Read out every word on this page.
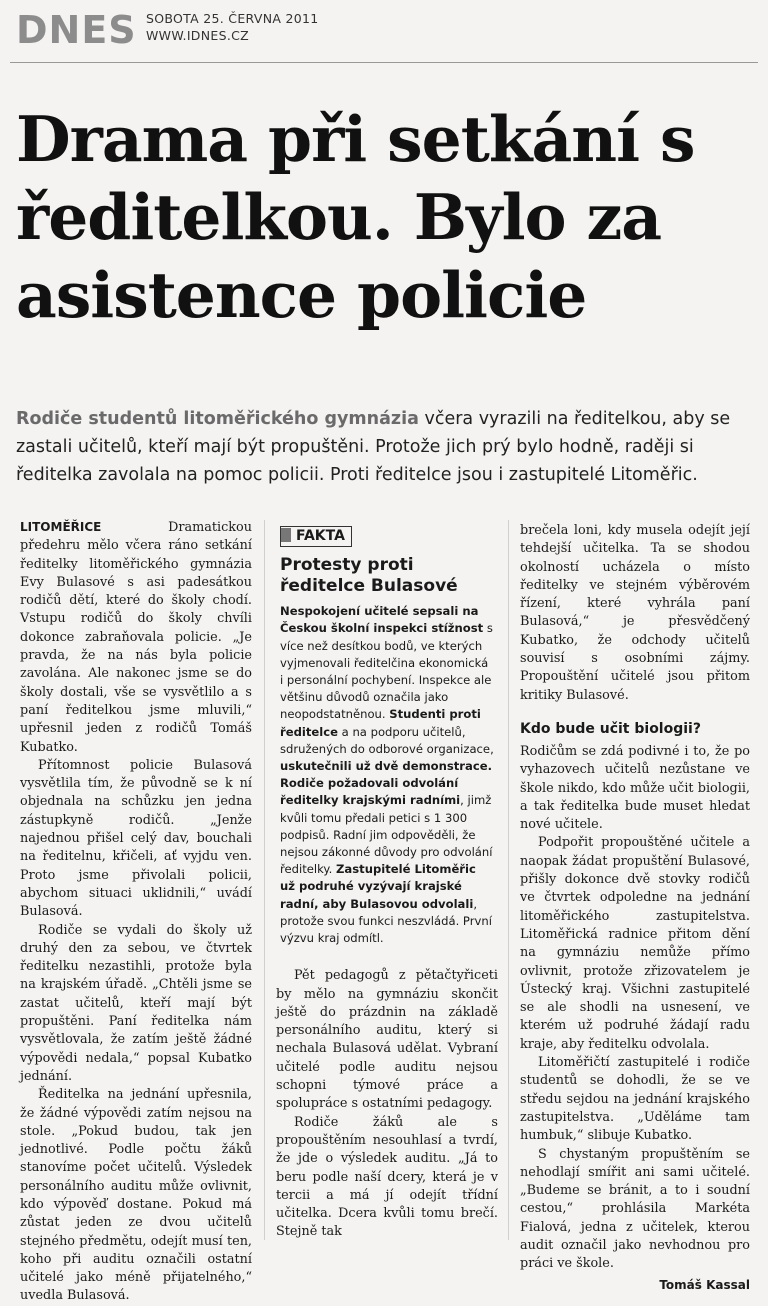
DNES SOBOTA 25. ČERVNA 2011
WWW.IDNES.CZ
Drama při setkání s ředitelkou. Bylo za asistence policie
Rodiče studentů litoměřického gymnázia včera vyrazili na ředitelkou, aby se zastali učitelů, kteří mají být propuštěni. Protože jich prý bylo hodně, raději si ředitelka zavolala na pomoc policii. Proti ředitelce jsou i zastupitelé Litoměřic.

LITOMĚŘICE Dramatickou předehru mělo včera ráno setkání ředitelky litoměřického gymnázia Evy Bulasové s asi padesátkou rodičů dětí, které do školy chodí. Vstupu rodičů do školy chvíli dokonce zabraňovala policie. „Je pravda, že na nás byla policie zavolána. Ale nakonec jsme se do školy dostali, vše se vysvětlilo a s paní ředitelkou jsme mluvili,“ upřesnil jeden z rodičů Tomáš Kubatko.

Přítomnost policie Bulasová vysvětlila tím, že původně se k ní objednala na schůzku jen jedna zástupkyně rodičů. „Jenže najednou přišel celý dav, bouchali na ředitelnu, křičeli, ať vyjdu ven. Proto jsme přivolali policii, abychom situaci uklidnili,“ uvádí Bulasová.

Rodiče se vydali do školy už druhý den za sebou, ve čtvrtek ředitelku nezastihli, protože byla na krajském úřadě. „Chtěli jsme se zastat učitelů, kteří mají být propuštěni. Paní ředitelka nám vysvětlovala, že zatím ještě žádné výpovědi nedala,“ popsal Kubatko jednání.

Ředitelka na jednání upřesnila, že žádné výpovědi zatím nejsou na stole. „Pokud budou, tak jen jednotlivé. Podle počtu žáků stanovíme počet učitelů. Výsledek personálního auditu může ovlivnit, kdo výpověď dostane. Pokud má zůstat jeden ze dvou učitelů stejného předmětu, odejít musí ten, koho při auditu označili ostatní učitelé jako méně přijatelného,“ uvedla Bulasová.

FAKTA
Protesty proti ředitelce Bulasové
Nespokojení učitelé sepsali na Českou školní inspekci stížnost s více než desítkou bodů, ve kterých vyjmenovali ředitelčina ekonomická i personální pochybení. Inspekce ale většinu důvodů označila jako neopodstatněnou. Studenti proti ředitelce a na podporu učitelů, sdružených do odborové organizace, uskutečnili už dvě demonstrace. Rodiče požadovali odvolání ředitelky krajskými radními, jimž kvůli tomu předali petici s 1 300 podpisů. Radní jim odpověděli, že nejsou zákonné důvody pro odvolání ředitelky. Zastupitelé Litoměřic už podruhé vyzývají krajské radní, aby Bulasovou odvolali, protože svou funkci neszvládá. První výzvu kraj odmítl.

Pět pedagogů z pětačtyřiceti by mělo na gymnáziu skončit ještě do prázdnin na základě personálního auditu, který si nechala Bulasová udělat. Vybraní učitelé podle auditu nejsou schopni týmové práce a spolupráce s ostatními pedagogy.

Rodiče žáků ale s propouštěním nesouhlasí a tvrdí, že jde o výsledek auditu. „Já to beru podle naší dcery, která je v tercii a má jí odejít třídní učitelka. Dcera kvůli tomu brečí. Stejně tak

brečela loni, kdy musela odejít její tehdejší učitelka. Ta se shodou okolností ucházela o místo ředitelky ve stejném výběrovém řízení, které vyhrála paní Bulasová,“ je přesvědčený Kubatko, že odchody učitelů souvisí s osobními zájmy. Propouštění učitelé jsou přitom kritiky Bulasové.

Kdo bude učit biologii?

Rodičům se zdá podivné i to, že po vyhazovech učitelů nezůstane ve škole nikdo, kdo může učit biologii, a tak ředitelka bude muset hledat nové učitele.

Podpořit propouštěné učitele a naopak žádat propuštění Bulasové, přišly dokonce dvě stovky rodičů ve čtvrtek odpoledne na jednání litoměřického zastupitelstva. Litoměřická radnice přitom dění na gymnáziu nemůže přímo ovlivnit, protože zřizovatelem je Ústecký kraj. Všichni zastupitelé se ale shodli na usnesení, ve kterém už podruhé žádají radu kraje, aby ředitelku odvolala.

Litoměřičtí zastupitelé i rodiče studentů se dohodli, že se ve středu sejdou na jednání krajského zastupitelstva. „Uděláme tam humbuk,“ slibuje Kubatko.

S chystaným propuštěním se nehodlají smířit ani sami učitelé. „Budeme se bránit, a to i soudní cestou,“ prohlásila Markéta Fialová, jedna z učitelek, kterou audit označil jako nevhodnou pro práci ve škole.

Tomáš Kassal
